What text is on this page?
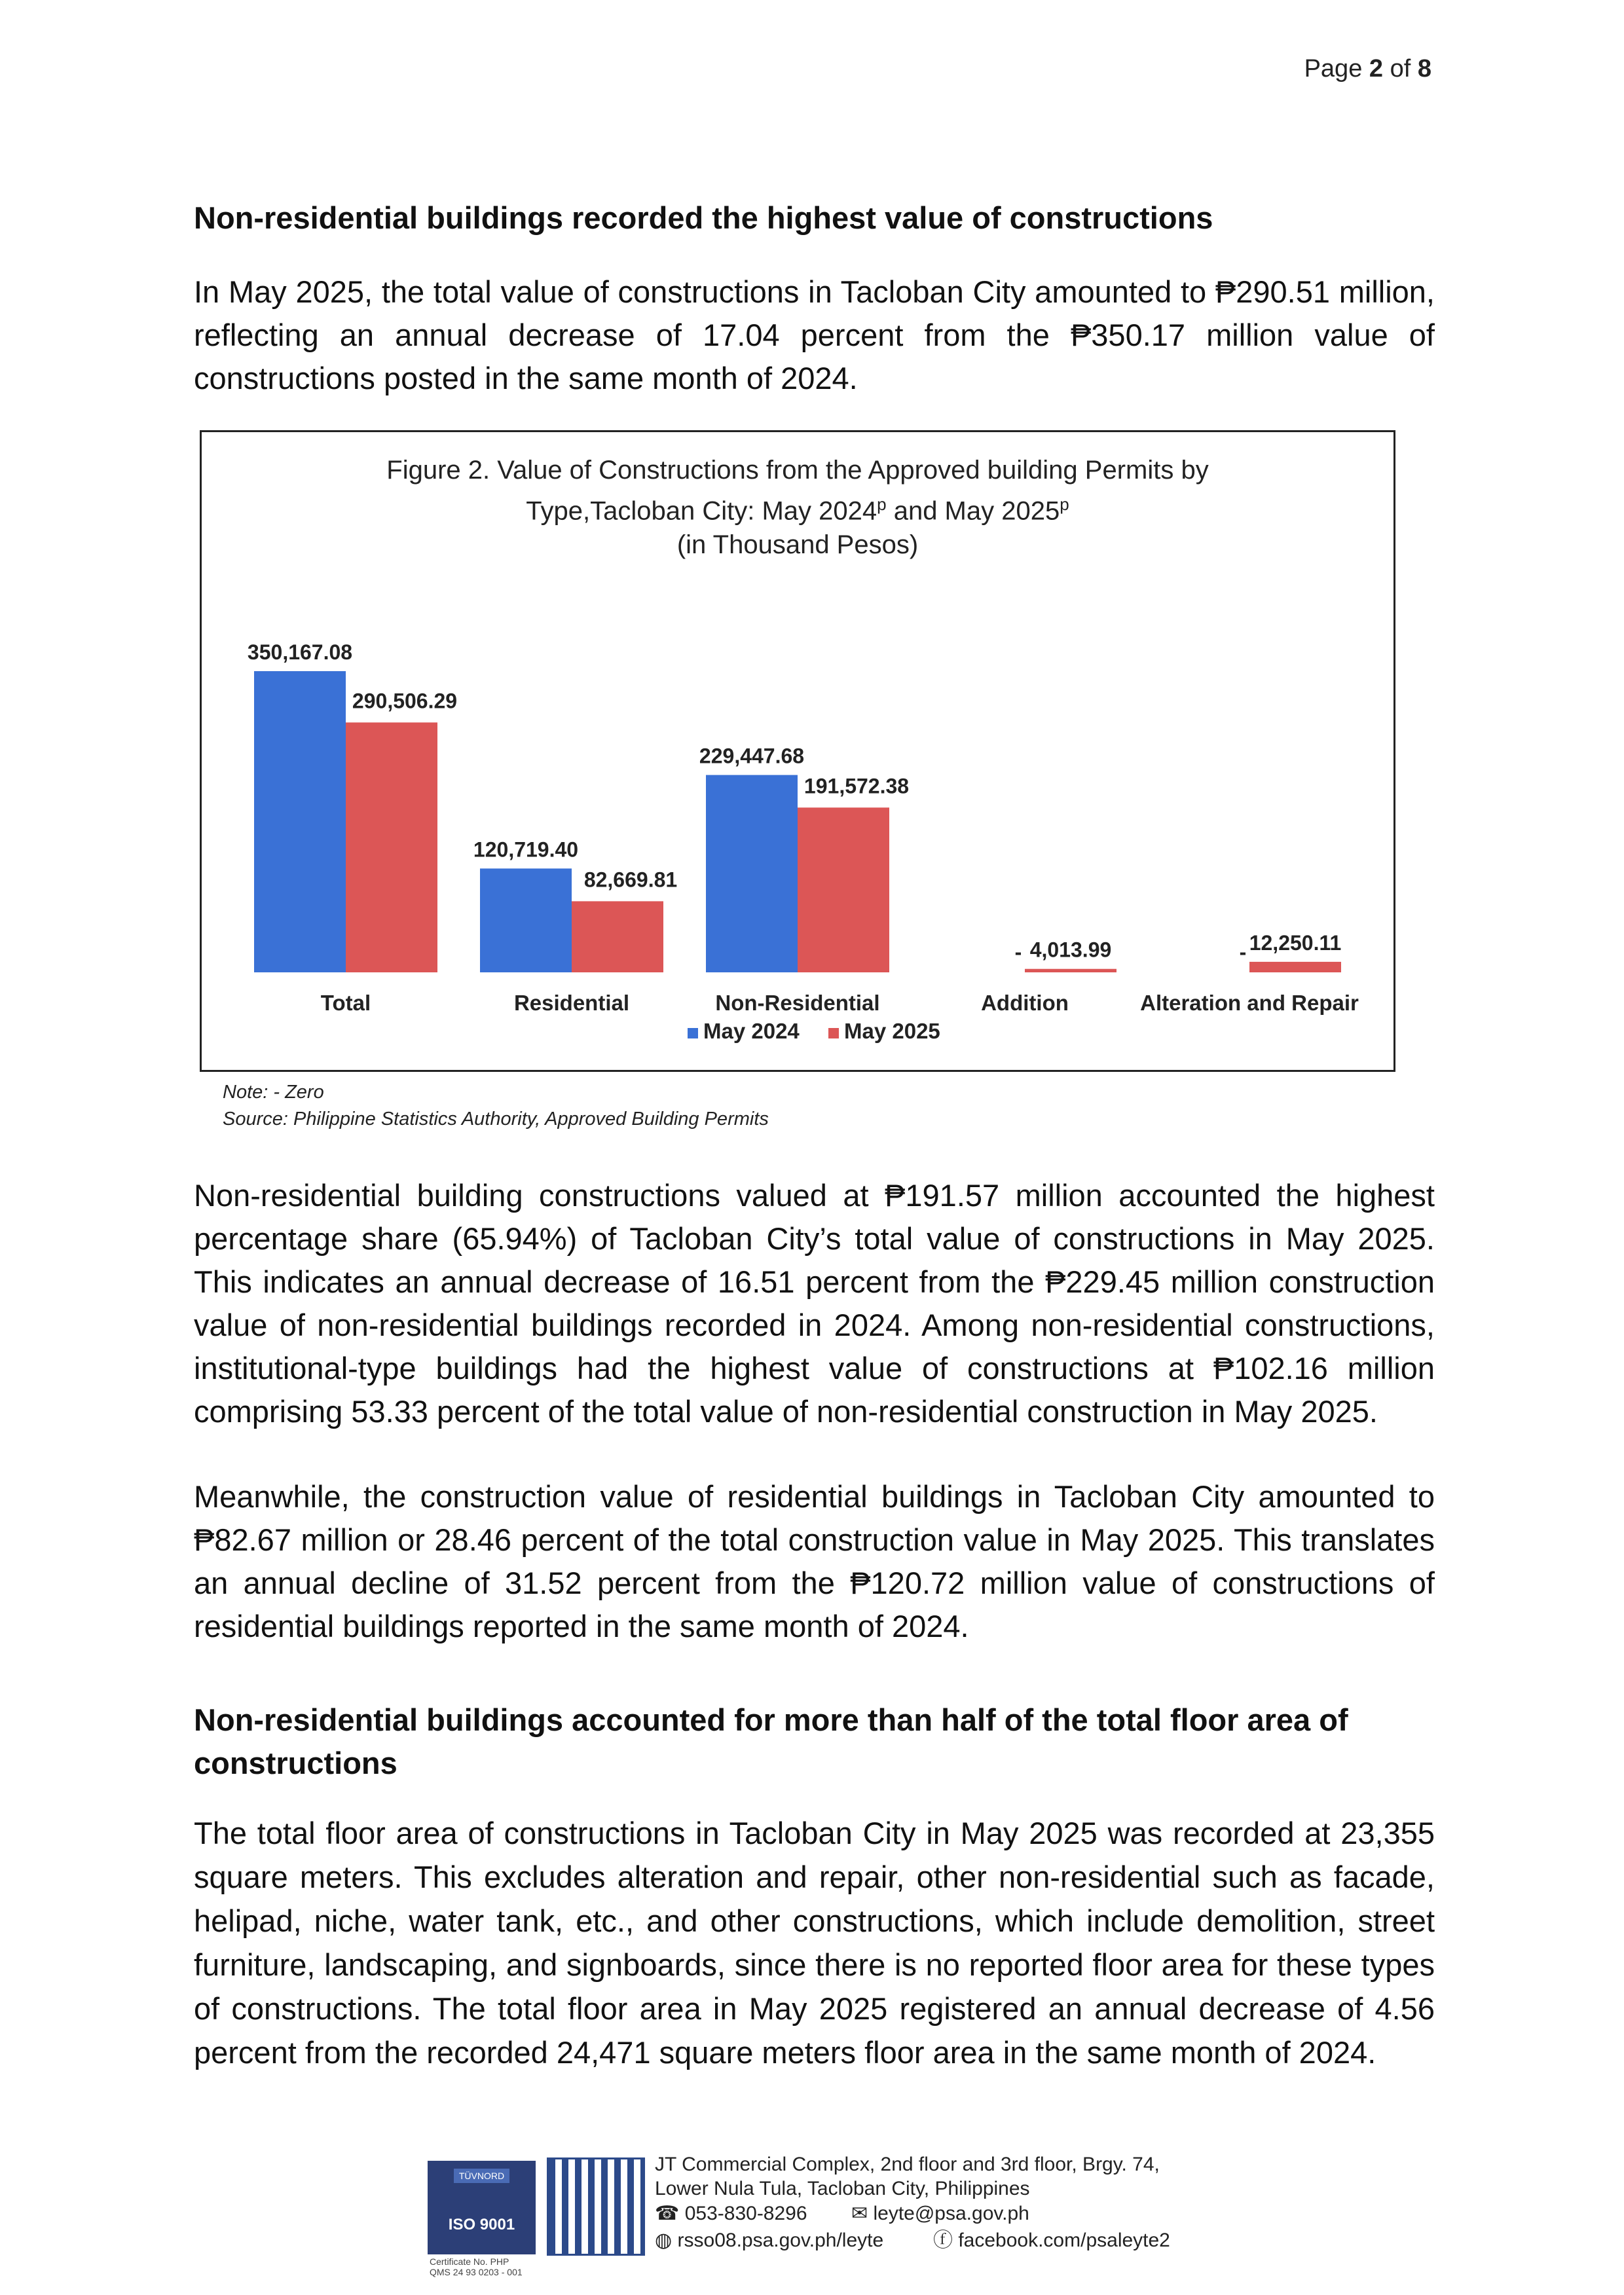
Page 2 of 8
Non-residential buildings recorded the highest value of constructions

In May 2025, the total value of constructions in Tacloban City amounted to ₱290.51 million, reflecting an annual decrease of 17.04 percent from the ₱350.17 million value of constructions posted in the same month of 2024.

Figure 2. Value of Constructions from the Approved building Permits by
Type,Tacloban City: May 2024$^p$ and May 2025$^p$
(in Thousand Pesos)
350,167.08
290,506.29
Total
120,719.40
82,669.81
Residential
229,447.68
191,572.38
Non-Residential
- 4,013.99
Addition
- 12,250.11
Alteration and Repair
May 2024 May 2025
Note: - Zero
Source: Philippine Statistics Authority, Approved Building Permits

Non-residential building constructions valued at ₱191.57 million accounted the highest percentage share (65.94%) of Tacloban City’s total value of constructions in May 2025. This indicates an annual decrease of 16.51 percent from the ₱229.45 million construction value of non-residential buildings recorded in 2024. Among non-residential constructions, institutional-type buildings had the highest value of constructions at ₱102.16 million comprising 53.33 percent of the total value of non-residential construction in May 2025.

Meanwhile, the construction value of residential buildings in Tacloban City amounted to ₱82.67 million or 28.46 percent of the total construction value in May 2025. This translates an annual decline of 31.52 percent from the ₱120.72 million value of constructions of residential buildings reported in the same month of 2024.

Non-residential buildings accounted for more than half of the total floor area of constructions

The total floor area of constructions in Tacloban City in May 2025 was recorded at 23,355 square meters. This excludes alteration and repair, other non-residential such as facade, helipad, niche, water tank, etc., and other constructions, which include demolition, street furniture, landscaping, and signboards, since there is no reported floor area for these types of constructions. The total floor area in May 2025 registered an annual decrease of 4.56 percent from the recorded 24,471 square meters floor area in the same month of 2024.

TÜVNORD
ISO 9001
Certificate No. PHP
QMS 24 93 0203 - 001
JT Commercial Complex, 2nd floor and 3rd floor, Brgy. 74,
Lower Nula Tula, Tacloban City, Philippines
☎ 053-830-8296 ✉ leyte@psa.gov.ph
◍ rsso08.psa.gov.ph/leyte	ⓕ facebook.com/psaleyte2
